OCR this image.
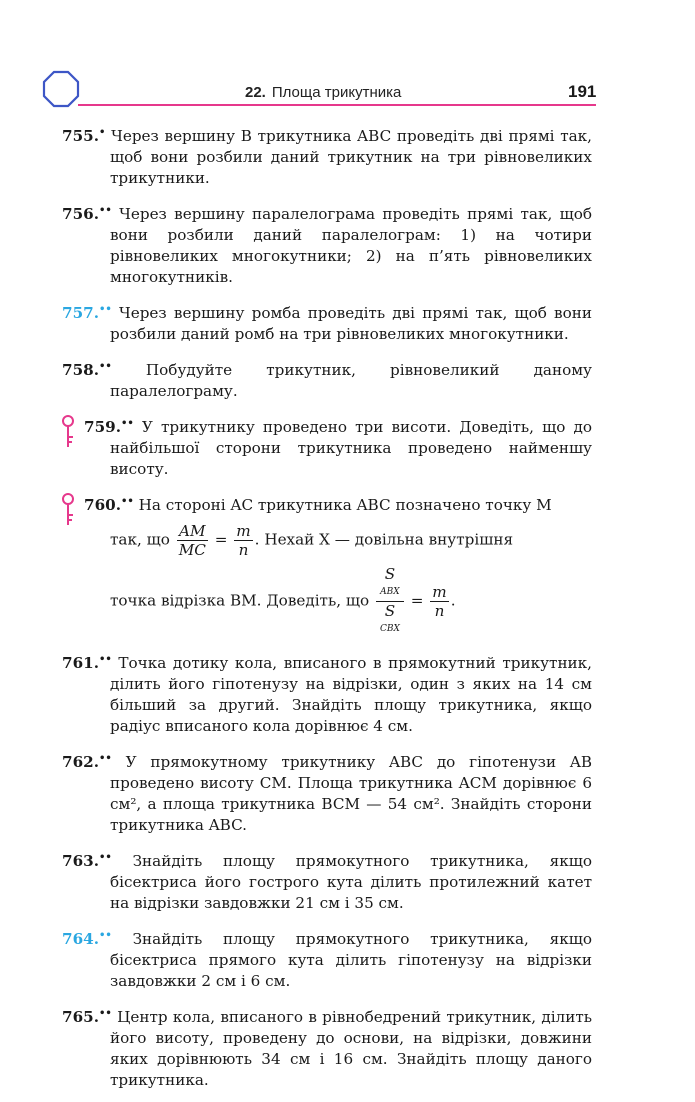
22. Площа трикутника	191
755.• Через вершину B трикутника ABC проведіть дві прямі так, щоб вони розбили даний трикутник на три рівновеликих трикутники.
756.•• Через вершину паралелограма проведіть прямі так, щоб вони розбили даний паралелограм: 1) на чотири рівновеликих многокутники; 2) на п’ять рівновеликих многокутників.
757.•• Через вершину ромба проведіть дві прямі так, щоб вони розбили даний ромб на три рівновеликих многокутники.
758.•• Побудуйте трикутник, рівновеликий даному паралелограму.
759.•• У трикутнику проведено три висоти. Доведіть, що до найбільшої сторони трикутника проведено найменшу висоту.
760.•• На стороні AC трикутника ABC позначено точку M
так, що $\frac{AM}{MC} = \frac{m}{n}$ . Нехай X — довільна внутрішня
точка відрізка BM. Доведіть, що S
ABX
S
CBX = $\frac{m}{n}$ .
761.•• Точка дотику кола, вписаного в прямокутний трикутник, ділить його гіпотенузу на відрізки, один з яких на 14 см більший за другий. Знайдіть площу трикутника, якщо радіус вписаного кола дорівнює 4 см.
762.•• У прямокутному трикутнику ABC до гіпотенузи AB проведено висоту CM. Площа трикутника ACM дорівнює 6 см², а площа трикутника BCM — 54 см². Знайдіть сторони трикутника ABC.
763.•• Знайдіть площу прямокутного трикутника, якщо бісектриса його гострого кута ділить протилежний катет на відрізки завдовжки 21 см і 35 см.
764.•• Знайдіть площу прямокутного трикутника, якщо бісектриса прямого кута ділить гіпотенузу на відрізки завдовжки 2 см і 6 см.
765.•• Центр кола, вписаного в рівнобедрений трикутник, ділить його висоту, проведену до основи, на відрізки, довжини яких дорівнюють 34 см і 16 см. Знайдіть площу даного трикутника.
